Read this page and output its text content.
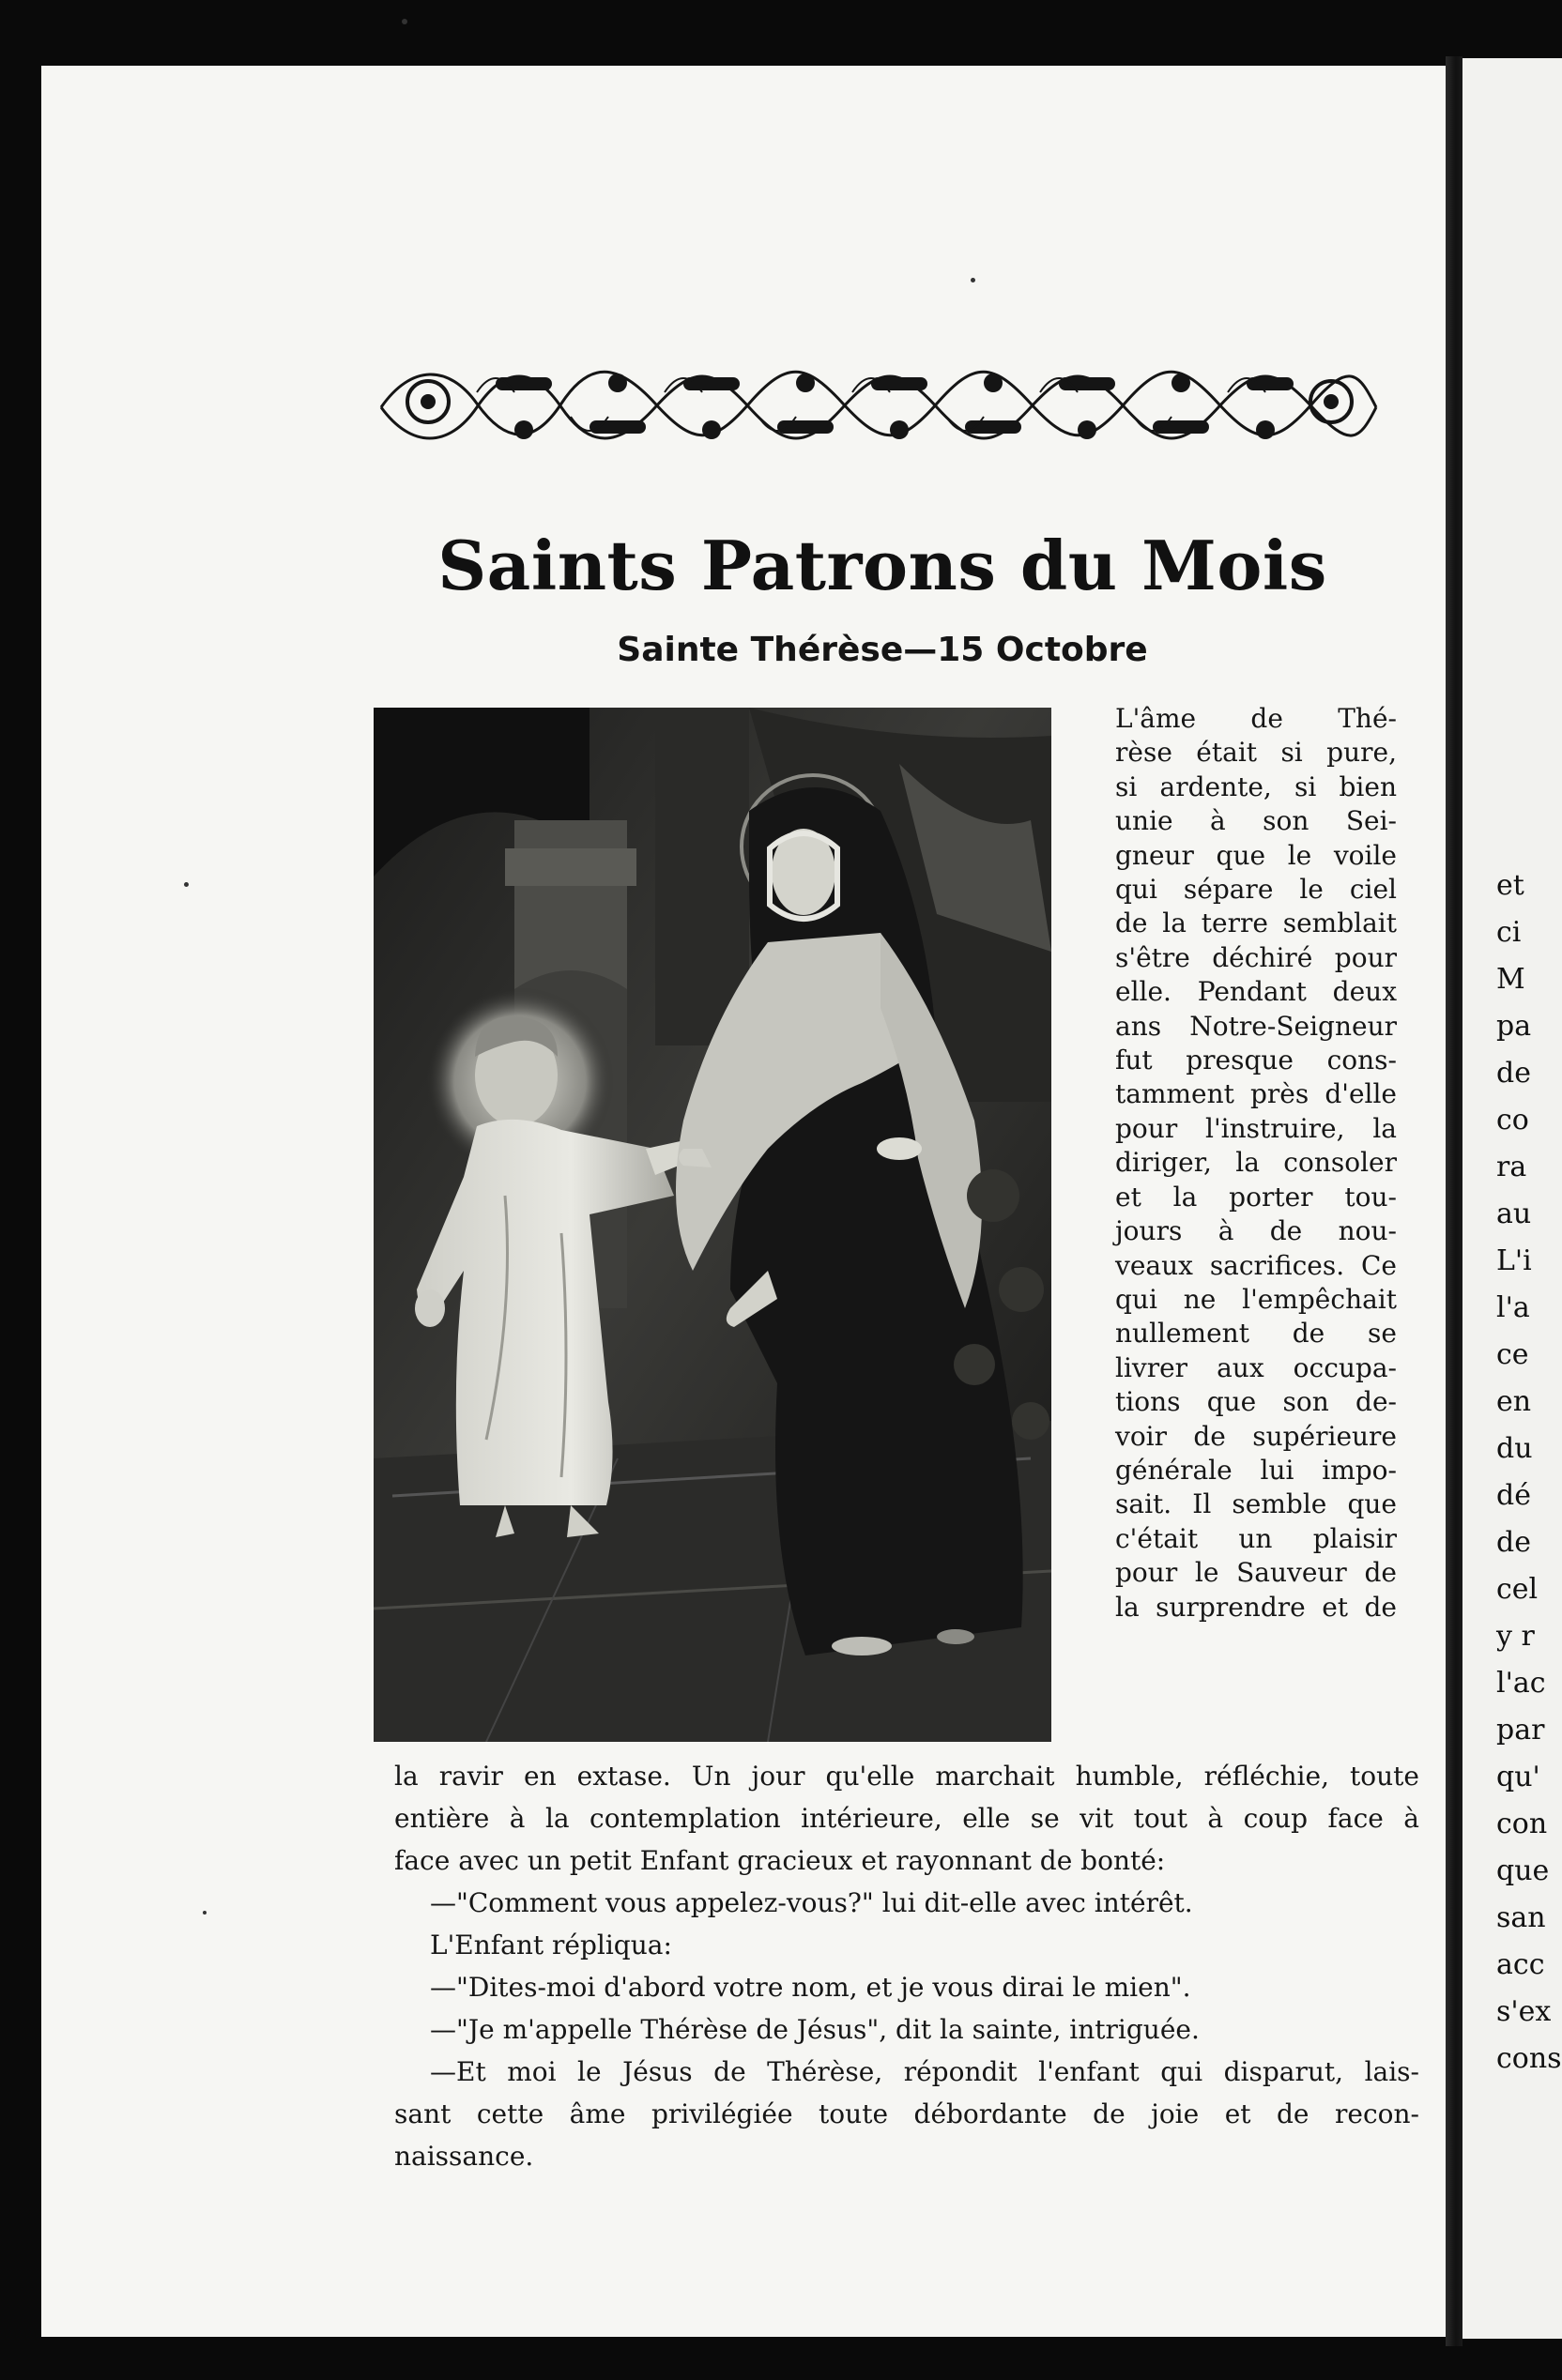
et

ci

M

pa

de

co

ra

au

L'i

l'a

ce

en

du

dé

de

cel

y r

l'ac

par

qu'

con

que

san

acc

s'ex

cons

Saints Patrons du Mois
Sainte Thérèse—15 Octobre
L'âme de Thé-
rèse était si pure,
si ardente, si bien
unie à son Sei-
gneur que le voile
qui sépare le ciel
de la terre semblait
s'être déchiré pour
elle. Pendant deux
ans Notre-Seigneur
fut presque cons-
tamment près d'elle
pour l'instruire, la
diriger, la consoler
et la porter tou-
jours à de nou-
veaux sacrifices. Ce
qui ne l'empêchait
nullement de se
livrer aux occupa-
tions que son de-
voir de supérieure
générale lui impo-
sait. Il semble que
c'était un plaisir
pour le Sauveur de
la surprendre et de
la ravir en extase. Un jour qu'elle marchait humble, réfléchie, toute
entière à la contemplation intérieure, elle se vit tout à coup face à
face avec un petit Enfant gracieux et rayonnant de bonté:
—"Comment vous appelez-vous?" lui dit-elle avec intérêt.
L'Enfant répliqua:
—"Dites-moi d'abord votre nom, et je vous dirai le mien".
—"Je m'appelle Thérèse de Jésus", dit la sainte, intriguée.
—Et moi le Jésus de Thérèse, répondit l'enfant qui disparut, lais-
sant cette âme privilégiée toute débordante de joie et de recon-
naissance.
